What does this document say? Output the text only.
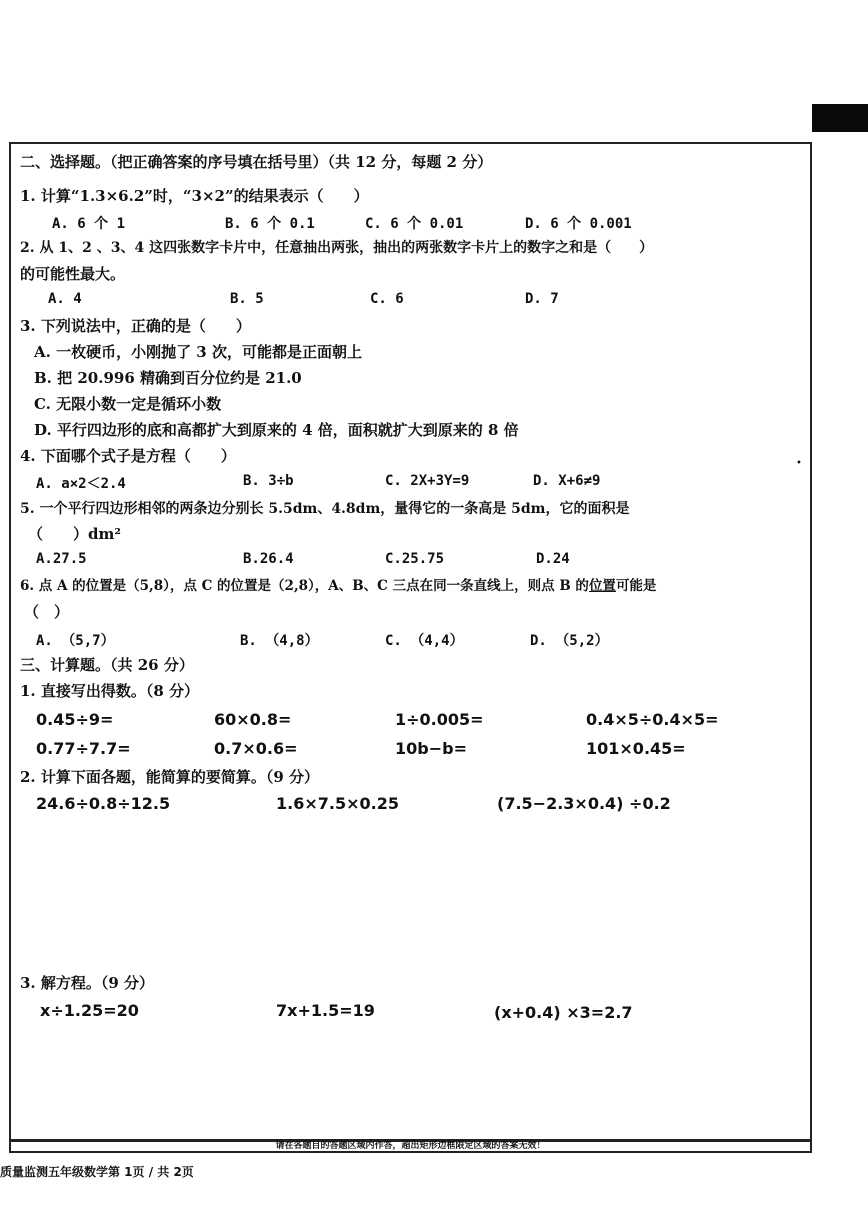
二、选择题。（把正确答案的序号填在括号里）（共 12 分，每题 2 分）
1. 计算“1.3×6.2”时，“3×2”的结果表示（　　）
A. 6 个 1	B. 6 个 0.1	C. 6 个 0.01	D. 6 个 0.001
2. 从 1、2 、3、4 这四张数字卡片中，任意抽出两张，抽出的两张数字卡片上的数字之和是（　　）
的可能性最大。
A. 4	B. 5	C. 6	D. 7
3. 下列说法中，正确的是（　　）
A. 一枚硬币，小刚抛了 3 次，可能都是正面朝上
B. 把 20.996 精确到百分位约是 21.0
C. 无限小数一定是循环小数
D. 平行四边形的底和高都扩大到原来的 4 倍，面积就扩大到原来的 8 倍
4. 下面哪个式子是方程（　　）
A. a×2＜2.4	B. 3÷b	C. 2X+3Y=9	D. X+6≠9
•
5. 一个平行四边形相邻的两条边分别长 5.5dm、4.8dm，量得它的一条高是 5dm，它的面积是
（　　）dm²
A.27.5	B.26.4	C.25.75	D.24
6. 点 A 的位置是（5,8），点 C 的位置是（2,8），A、B、C 三点在同一条直线上，则点 B 的位置可能是
（　）
A. （5,7）	B. （4,8）	C. （4,4）	D. （5,2）
三、计算题。（共 26 分）
1. 直接写出得数。（8 分）
0.45÷9=	60×0.8=	1÷0.005=	0.4×5÷0.4×5=
0.77÷7.7=	0.7×0.6=	10b−b=	101×0.45=
2. 计算下面各题，能简算的要简算。（9 分）
24.6÷0.8÷12.5	1.6×7.5×0.25	(7.5−2.3×0.4) ÷0.2
3. 解方程。（9 分）
x÷1.25=20	7x+1.5=19	(x+0.4) ×3=2.7
请在各题目的答题区域内作答，超出矩形边框限定区域的答案无效！
质量监测五年级数学第 1页 / 共 2页
